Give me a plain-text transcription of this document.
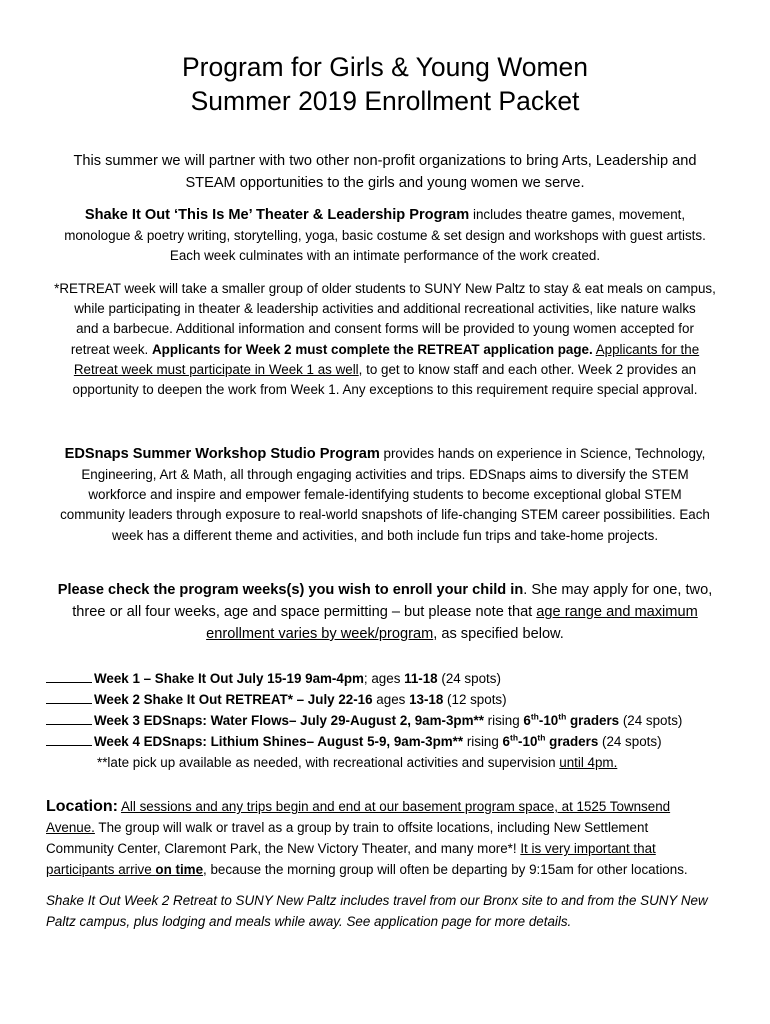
Program for Girls & Young Women
Summer 2019 Enrollment Packet
This summer we will partner with two other non-profit organizations to bring Arts, Leadership and
STEAM opportunities to the girls and young women we serve.
Shake It Out ‘This Is Me’ Theater & Leadership Program includes theatre games, movement,
monologue & poetry writing, storytelling, yoga, basic costume & set design and workshops with guest artists.
Each week culminates with an intimate performance of the work created.
*RETREAT week will take a smaller group of older students to SUNY New Paltz to stay & eat meals on campus,
while participating in theater & leadership activities and additional recreational activities, like nature walks
and a barbecue. Additional information and consent forms will be provided to young women accepted for
retreat week. Applicants for Week 2 must complete the RETREAT application page. Applicants for the
Retreat week must participate in Week 1 as well, to get to know staff and each other. Week 2 provides an
opportunity to deepen the work from Week 1. Any exceptions to this requirement require special approval.
EDSnaps Summer Workshop Studio Program provides hands on experience in Science, Technology,
Engineering, Art & Math, all through engaging activities and trips. EDSnaps aims to diversify the STEM
workforce and inspire and empower female-identifying students to become exceptional global STEM
community leaders through exposure to real-world snapshots of life-changing STEM career possibilities. Each
week has a different theme and activities, and both include fun trips and take-home projects.
Please check the program weeks(s) you wish to enroll your child in. She may apply for one, two,
three or all four weeks, age and space permitting – but please note that age range and maximum
enrollment varies by week/program, as specified below.
Week 1 – Shake It Out July 15-19 9am-4pm; ages 11-18 (24 spots)
Week 2 Shake It Out RETREAT* – July 22-16 ages 13-18 (12 spots)
Week 3 EDSnaps: Water Flows– July 29-August 2, 9am-3pm** rising 6th-10th graders (24 spots)
Week 4 EDSnaps: Lithium Shines– August 5-9, 9am-3pm** rising 6th-10th graders (24 spots)
**late pick up available as needed, with recreational activities and supervision until 4pm.
Location: All sessions and any trips begin and end at our basement program space, at 1525 Townsend
Avenue. The group will walk or travel as a group by train to offsite locations, including New Settlement
Community Center, Claremont Park, the New Victory Theater, and many more*! It is very important that
participants arrive on time, because the morning group will often be departing by 9:15am for other locations.
Shake It Out Week 2 Retreat to SUNY New Paltz includes travel from our Bronx site to and from the SUNY New
Paltz campus, plus lodging and meals while away. See application page for more details.
